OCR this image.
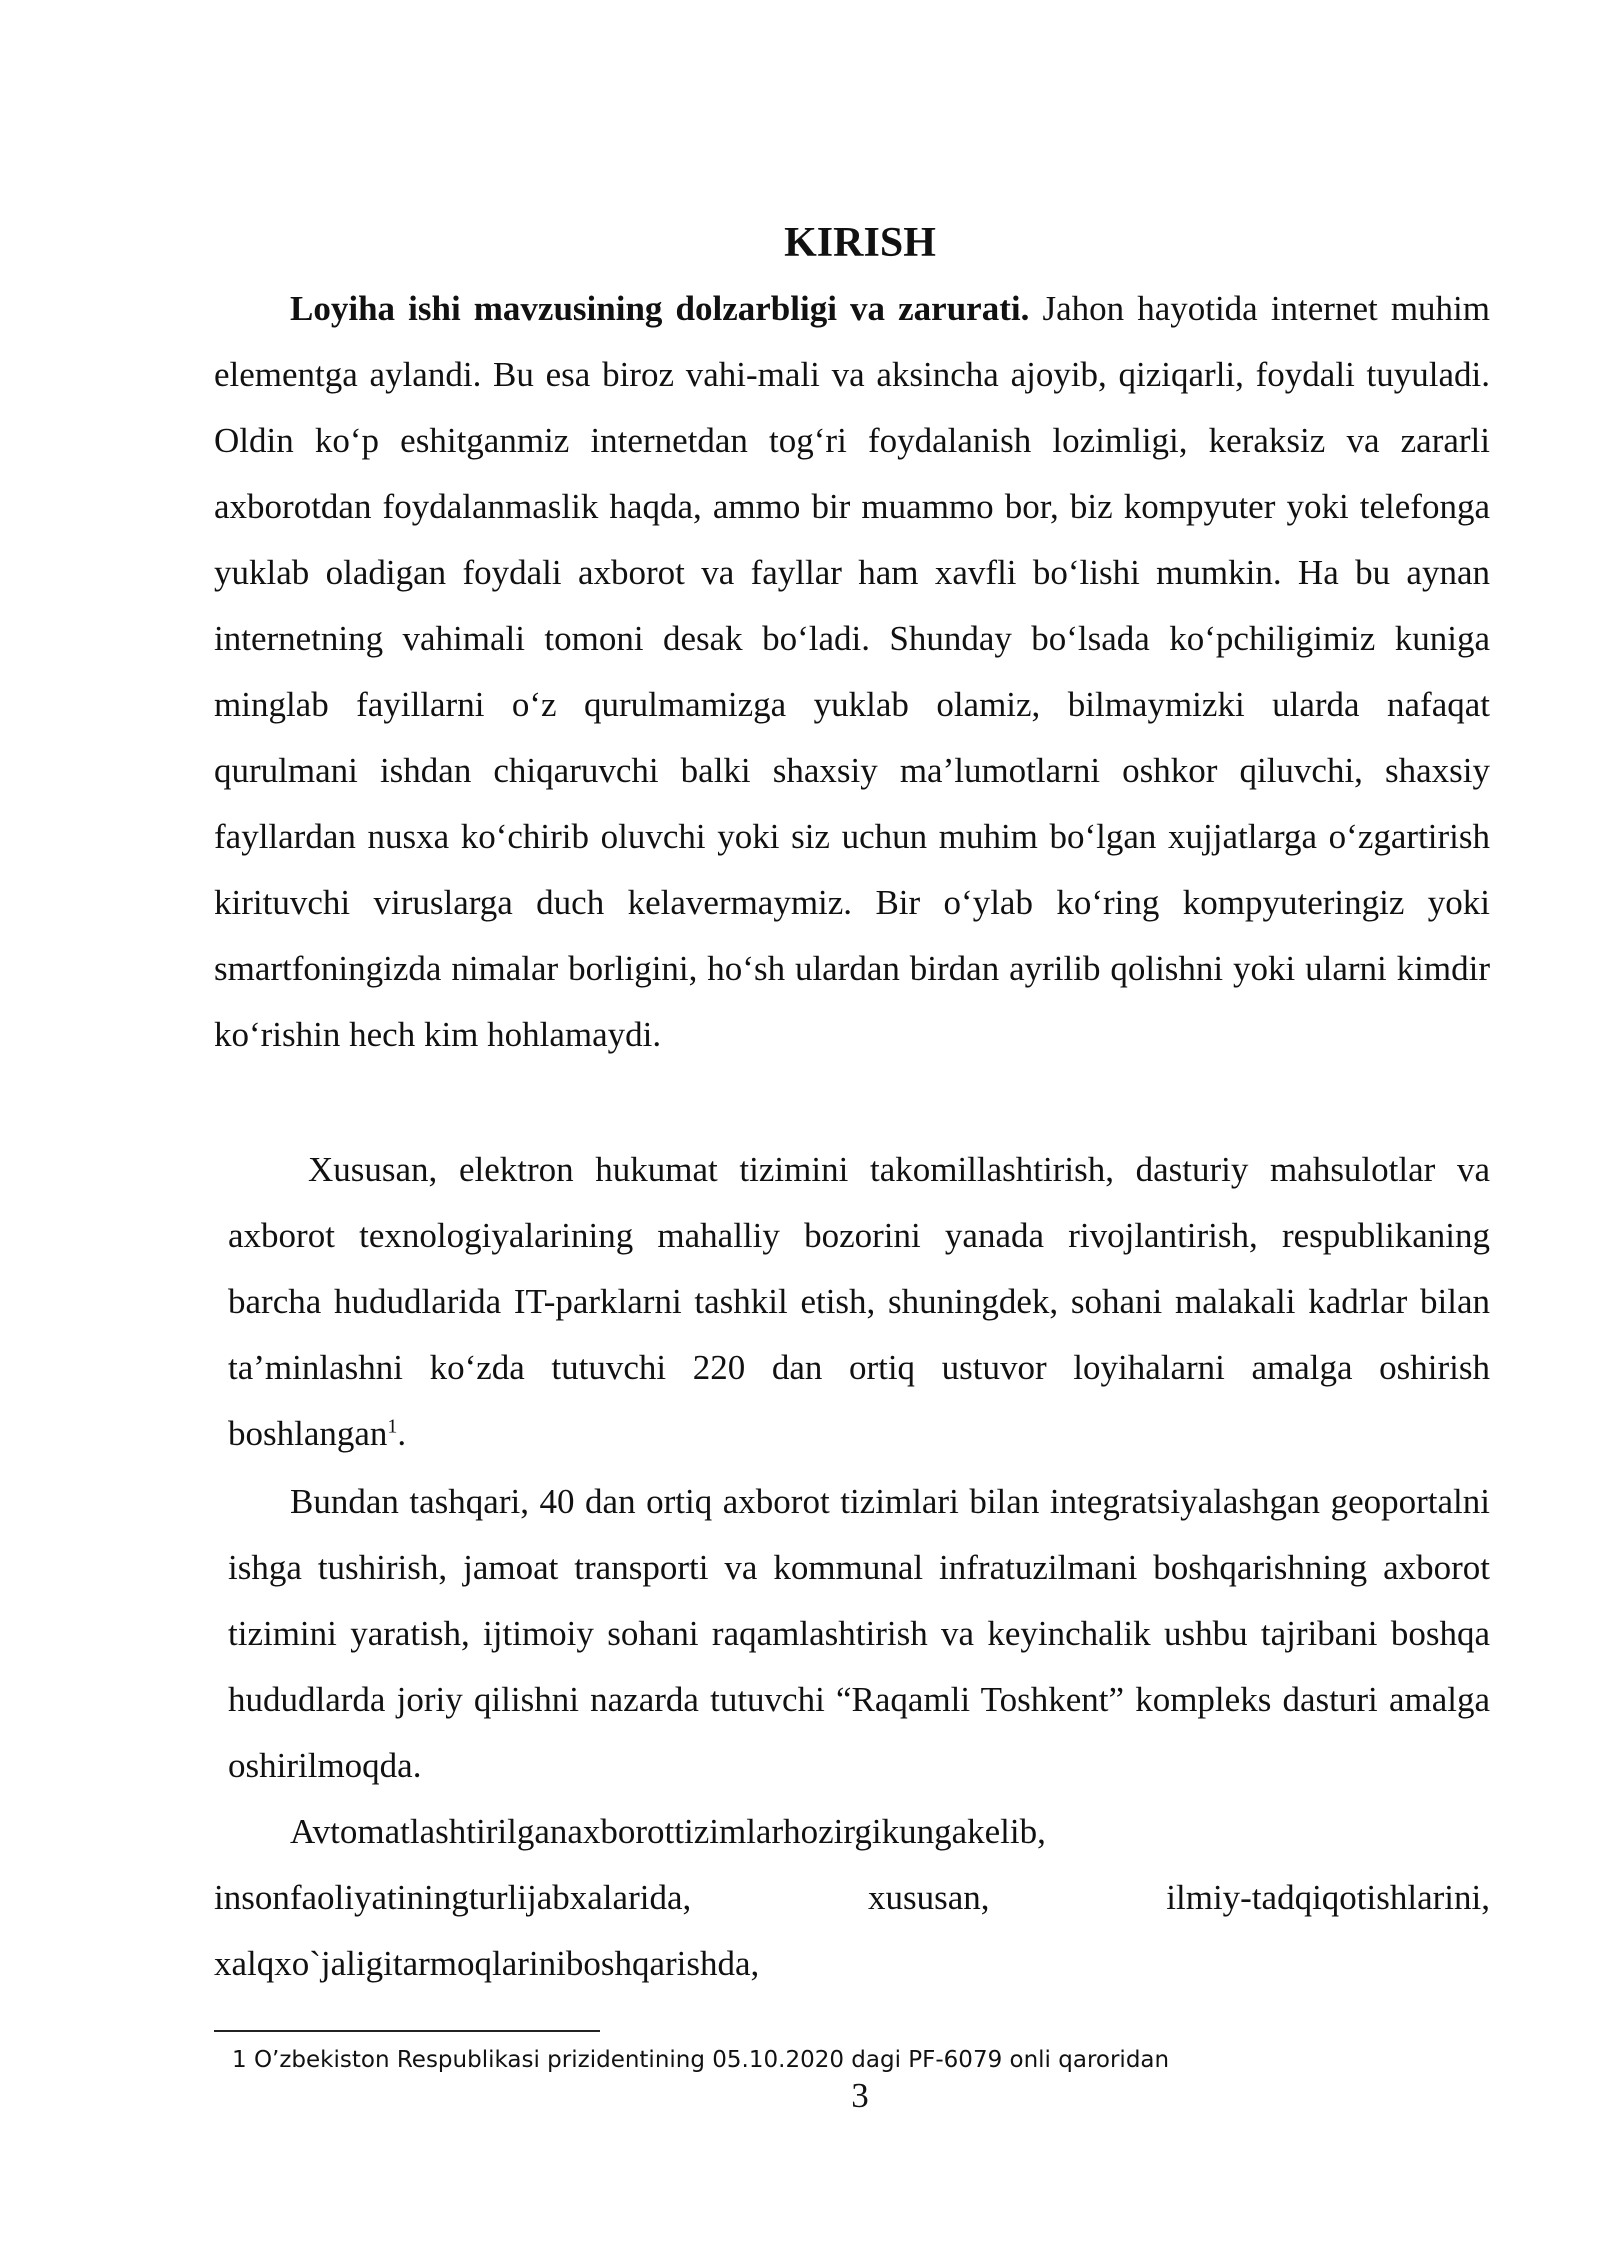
KIRISH

Loyiha ishi mavzusining dolzarbligi va zarurati. Jahon hayotida internet muhim elementga aylandi. Bu esa biroz vahi-mali va aksincha ajoyib, qiziqarli, foydali tuyuladi. Oldin ko‘p eshitganmiz internetdan tog‘ri foydalanish lozimligi, keraksiz va zararli axborotdan foydalanmaslik haqda, ammo bir muammo bor, biz kompyuter yoki telefonga yuklab oladigan foydali axborot va fayllar ham xavfli bo‘lishi mumkin. Ha bu aynan internetning vahimali tomoni desak bo‘ladi. Shunday bo‘lsada ko‘pchiligimiz kuniga minglab fayillarni o‘z qurulmamizga yuklab olamiz, bilmaymizki ularda nafaqat qurulmani ishdan chiqaruvchi balki shaxsiy ma’lumotlarni oshkor qiluvchi, shaxsiy fayllardan nusxa ko‘chirib oluvchi yoki siz uchun muhim bo‘lgan xujjatlarga o‘zgartirish kirituvchi viruslarga duch kelavermaymiz. Bir o‘ylab ko‘ring kompyuteringiz yoki smartfoningizda nimalar borligini, ho‘sh ulardan birdan ayrilib qolishni yoki ularni kimdir ko‘rishin hech kim hohlamaydi.

Xususan, elektron hukumat tizimini takomillashtirish, dasturiy mahsulotlar va axborot texnologiyalarining mahalliy bozorini yanada rivojlantirish, respublikaning barcha hududlarida IT-parklarni tashkil etish, shuningdek, sohani malakali kadrlar bilan ta’minlashni ko‘zda tutuvchi 220 dan ortiq ustuvor loyihalarni amalga oshirish boshlangan$^1$.

Bundan tashqari, 40 dan ortiq axborot tizimlari bilan integratsiyalashgan geoportalni ishga tushirish, jamoat transporti va kommunal infratuzilmani boshqarishning axborot tizimini yaratish, ijtimoiy sohani raqamlashtirish va keyinchalik ushbu tajribani boshqa hududlarda joriy qilishni nazarda tutuvchi “Raqamli Toshkent” kompleks dasturi amalga oshirilmoqda.

Avtomatlashtirilganaxborottizimlarhozirgikungakelib, insonfaoliyatiningturlijabxalarida, xususan, ilmiy-tadqiqotishlarini, xalqxo`jaligitarmoqlariniboshqarishda,

1 O’zbekiston Respublikasi prizidentining 05.10.2020 dagi PF-6079 onli qaroridan

3
